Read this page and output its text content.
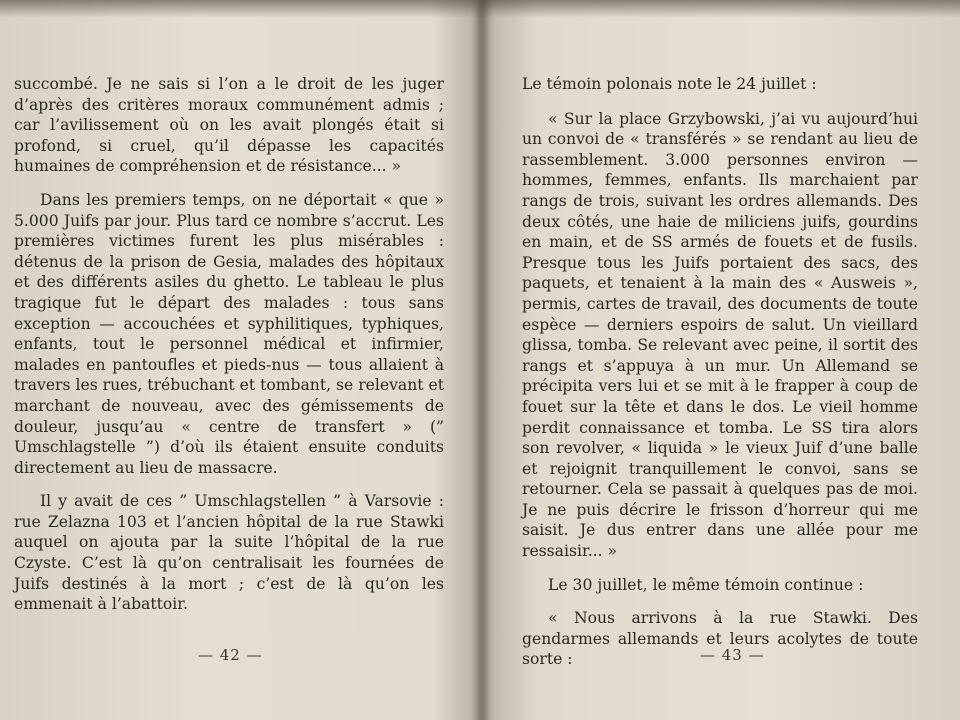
succombé. Je ne sais si l’on a le droit de les juger d’après des critères moraux communément admis ; car l’avilissement où on les avait plongés était si profond, si cruel, qu’il dépasse les capacités humaines de compréhension et de résistance... »

Dans les premiers temps, on ne déportait « que » 5.000 Juifs par jour. Plus tard ce nombre s’accrut. Les premières victimes furent les plus misérables : détenus de la prison de Gesia, malades des hôpitaux et des différents asiles du ghetto. Le tableau le plus tragique fut le départ des malades : tous sans exception — accouchées et syphilitiques, typhiques, enfants, tout le personnel médical et infirmier, malades en pantoufles et pieds-nus — tous allaient à travers les rues, trébuchant et tombant, se relevant et marchant de nouveau, avec des gémissements de douleur, jusqu’au « centre de transfert » (” Umschlagstelle ”) d’où ils étaient ensuite conduits directement au lieu de massacre.

Il y avait de ces ” Umschlagstellen ” à Varsovie : rue Zelazna 103 et l’ancien hôpital de la rue Stawki auquel on ajouta par la suite l’hôpital de la rue Czyste. C’est là qu’on centralisait les fournées de Juifs destinés à la mort ; c’est de là qu’on les emmenait à l’abattoir.

— 42 —

Le témoin polonais note le 24 juillet :

« Sur la place Grzybowski, j’ai vu aujourd’hui un convoi de « transférés » se rendant au lieu de rassemblement. 3.000 personnes environ — hommes, femmes, enfants. Ils marchaient par rangs de trois, suivant les ordres allemands. Des deux côtés, une haie de miliciens juifs, gourdins en main, et de SS armés de fouets et de fusils. Presque tous les Juifs portaient des sacs, des paquets, et tenaient à la main des « Ausweis », permis, cartes de travail, des documents de toute espèce — derniers espoirs de salut. Un vieillard glissa, tomba. Se relevant avec peine, il sortit des rangs et s’appuya à un mur. Un Allemand se précipita vers lui et se mit à le frapper à coup de fouet sur la tête et dans le dos. Le vieil homme perdit connaissance et tomba. Le SS tira alors son revolver, « liquida » le vieux Juif d’une balle et rejoignit tranquillement le convoi, sans se retourner. Cela se passait à quelques pas de moi. Je ne puis décrire le frisson d’horreur qui me saisit. Je dus entrer dans une allée pour me ressaisir... »

Le 30 juillet, le même témoin continue :

« Nous arrivons à la rue Stawki. Des gendarmes allemands et leurs acolytes de toute sorte :	— 43 —
